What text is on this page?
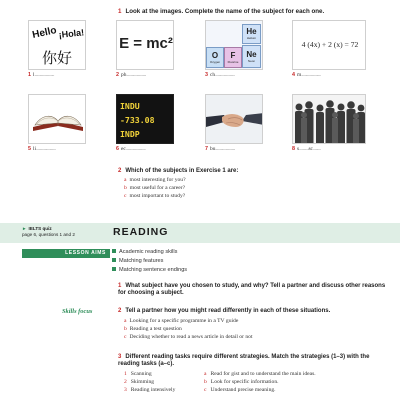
1 Look at the images. Complete the name of the subject for each one.
Hello ¡Hola!
你好
1 l.......................
E = mc²
2 ph.......................
He
Helium
O
Oxygen
F
Fluorine
Ne
Neon
3 ch.......................
4 (4x) + 2 (x) = 72
4 m.......................
5 li.......................
INDU -733.08
INDP
6 ec.......................	7 bu.......................	8 s...........sc.........
2 Which of the subjects in Exercise 1 are:
a most interesting for you?
b most useful for a career?
c most important to study?
► IELTS quiz
page 6, questions 1 and 2	READING
LESSON AIMS	Academic reading skills
Matching features
Matching sentence endings
1 What subject have you chosen to study, and why? Tell a partner and discuss other reasons for choosing a subject.
Skills focus	2 Tell a partner how you might read differently in each of these situations.
a Looking for a specific programme in a TV guide
b Reading a test question
c Deciding whether to read a news article in detail or not
3 Different reading tasks require different strategies. Match the strategies (1–3) with the reading tasks (a–c).
1 Scanning
2 Skimming
3 Reading intensively
a Read for gist and to understand the main ideas.
b Look for specific information.
c Understand precise meaning.
